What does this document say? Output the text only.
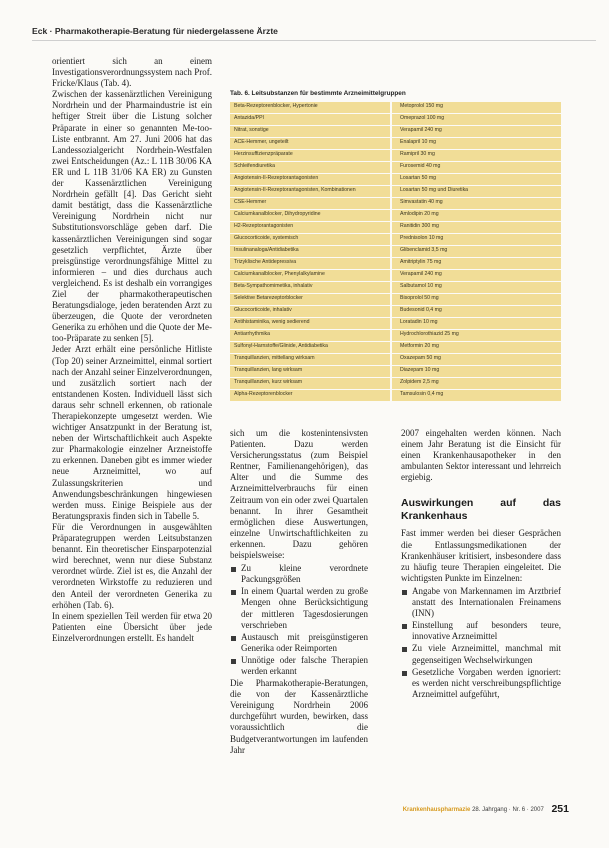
Eck · Pharmakotherapie-Beratung für niedergelassene Ärzte

orientiert sich an einem Investigationsverordnungssystem nach Prof. Fricke/Klaus (Tab. 4).

Zwischen der kassenärztlichen Vereinigung Nordrhein und der Pharmaindustrie ist ein heftiger Streit über die Listung solcher Präparate in einer so genannten Me-too-Liste entbrannt. Am 27. Juni 2006 hat das Landessozialgericht Nordrhein-Westfalen zwei Entscheidungen (Az.: L 11B 30/06 KA ER und L 11B 31/06 KA ER) zu Gunsten der Kassenärztlichen Vereinigung Nordrhein gefällt [4]. Das Gericht sieht damit bestätigt, dass die Kassenärztliche Vereinigung Nordrhein nicht nur Substitutionsvorschläge geben darf. Die kassenärztlichen Vereinigungen sind sogar gesetzlich verpflichtet, Ärzte über preisgünstige verordnungsfähige Mittel zu informieren – und dies durchaus auch vergleichend. Es ist deshalb ein vorrangiges Ziel der pharmakotherapeutischen Beratungsdialoge, jeden beratenden Arzt zu überzeugen, die Quote der verordneten Generika zu erhöhen und die Quote der Me-too-Präparate zu senken [5].

Jeder Arzt erhält eine persönliche Hitliste (Top 20) seiner Arzneimittel, einmal sortiert nach der Anzahl seiner Einzelverordnungen, und zusätzlich sortiert nach der entstandenen Kosten. Individuell lässt sich daraus sehr schnell erkennen, ob rationale Therapiekonzepte umgesetzt werden. Wie wichtiger Ansatzpunkt in der Beratung ist, neben der Wirtschaftlichkeit auch Aspekte zur Pharmakologie einzelner Arzneistoffe zu erkennen. Daneben gibt es immer wieder neue Arzneimittel, wo auf Zulassungskriterien und Anwendungsbeschränkungen hingewiesen werden muss. Einige Beispiele aus der Beratungspraxis finden sich in Tabelle 5.

Für die Verordnungen in ausgewählten Präparategruppen werden Leitsubstanzen benannt. Ein theoretischer Einsparpotenzial wird berechnet, wenn nur diese Substanz verordnet würde. Ziel ist es, die Anzahl der verordneten Wirkstoffe zu reduzieren und den Anteil der verordneten Generika zu erhöhen (Tab. 6).

In einem speziellen Teil werden für etwa 20 Patienten eine Übersicht über jede Einzelverordnungen erstellt. Es handelt

Tab. 6. Leitsubstanzen für bestimmte Arzneimittelgruppen
Beta-Rezeptorenblocker, Hypertonie	Metoprolol 150 mg
Antazida/PPI	Omeprazol 100 mg
Nitrat, sonstige	Verapamil 240 mg
ACE-Hemmer, ungeteilt	Enalapril 10 mg
Herzinsuffizienzpräparate	Ramipril 30 mg
Schleifendiuretika	Furosemid 40 mg
Angiotensin-II-Rezeptorantagonisten	Losartan 50 mg
Angiotensin-II-Rezeptorantagonisten, Kombinationen	Losartan 50 mg und Diuretika
CSE-Hemmer	Simvastatin 40 mg
Calciumkanalblocker, Dihydropyridine	Amlodipin 20 mg
H2-Rezeptorantagonisten	Ranitidin 300 mg
Glucocorticoide, systemisch	Prednisolon 10 mg
Insulinanaloga/Antidiabetika	Glibenclamid 3,5 mg
Trizyklische Antidepressiva	Amitriptylin 75 mg
Calciumkanalblocker, Phenylalkylamine	Verapamil 240 mg
Beta-Sympathomimetika, inhalativ	Salbutamol 10 mg
Selektive Betarezeptorblocker	Bisoprolol 50 mg
Glucocorticoide, inhalativ	Budesonid 0,4 mg
Antihistaminika, wenig sedierend	Loratadin 10 mg
Antiarrhythmika	Hydrochlorothiazid 25 mg
Sulfonyl-Harnstoffe/Glinide, Antidiabetika	Metformin 20 mg
Tranquillanzien, mittellang wirksam	Oxazepam 50 mg
Tranquillanzien, lang wirksam	Diazepam 10 mg
Tranquillanzien, kurz wirksam	Zolpidem 2,5 mg
Alpha-Rezeptorenblocker	Tamsulosin 0,4 mg

sich um die kostenintensivsten Patienten. Dazu werden Versicherungsstatus (zum Beispiel Rentner, Familienangehörigen), das Alter und die Summe des Arzneimittelverbrauchs für einen Zeitraum von ein oder zwei Quartalen benannt. In ihrer Gesamtheit ermöglichen diese Auswertungen, einzelne Unwirtschaftlichkeiten zu erkennen. Dazu gehören beispielsweise:

Zu kleine verordnete Packungsgrößen
In einem Quartal werden zu große Mengen ohne Berücksichtigung der mittleren Tagesdosierungen verschrieben
Austausch mit preisgünstigeren Generika oder Reimporten
Unnötige oder falsche Therapien werden erkannt

Die Pharmakotherapie-Beratungen, die von der Kassenärztliche Vereinigung Nordrhein 2006 durchgeführt wurden, bewirken, dass voraussichtlich die Budgetverantwortungen im laufenden Jahr

2007 eingehalten werden können. Nach einem Jahr Beratung ist die Einsicht für einen Krankenhausapotheker in den ambulanten Sektor interessant und lehrreich ergiebig.

Auswirkungen auf das Krankenhaus

Fast immer werden bei dieser Gesprächen die Entlassungsmedikationen der Krankenhäuser kritisiert, insbesondere dass zu häufig teure Therapien eingeleitet. Die wichtigsten Punkte im Einzelnen:

Angabe von Markennamen im Arztbrief anstatt des Internationalen Freinamens (INN)
Einstellung auf besonders teure, innovative Arzneimittel
Zu viele Arzneimittel, manchmal mit gegenseitigen Wechselwirkungen
Gesetzliche Vorgaben werden ignoriert: es werden nicht verschreibungspflichtige Arzneimittel aufgeführt,
Krankenhauspharmazie 28. Jahrgang · Nr. 6 · 2007 251
